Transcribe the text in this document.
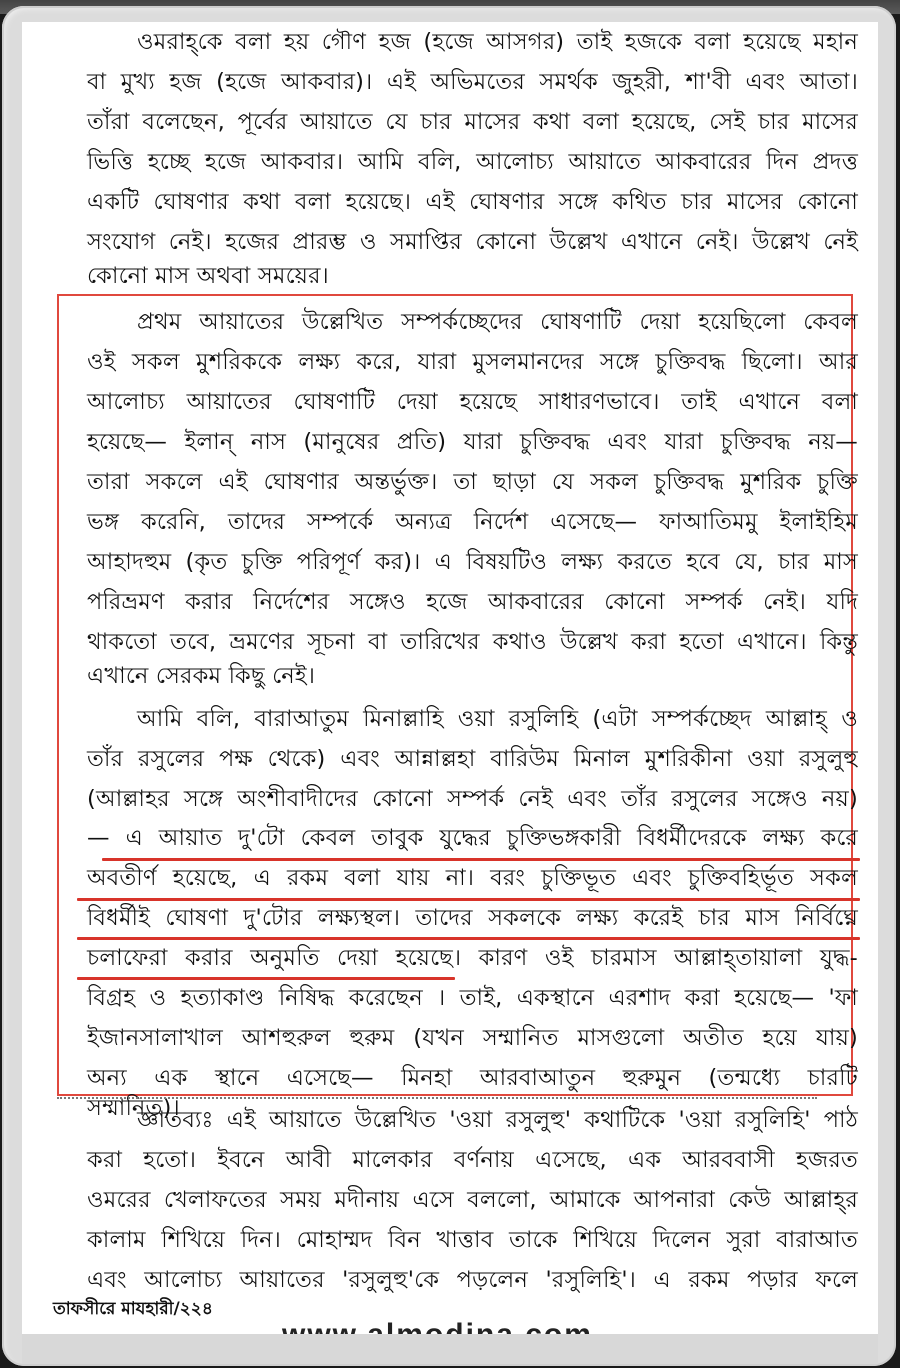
ওমরাহ্‌কে বলা হয় গৌণ হজ (হজে আসগর) তাই হজকে বলা হয়েছে মহান
বা মুখ্য হজ (হজে আকবার)। এই অভিমতের সমর্থক জুহরী, শা'বী এবং আতা।
তাঁরা বলেছেন, পূর্বের আয়াতে যে চার মাসের কথা বলা হয়েছে, সেই চার মাসের
ভিত্তি হচ্ছে হজে আকবার। আমি বলি, আলোচ্য আয়াতে আকবারের দিন প্রদত্ত
একটি ঘোষণার কথা বলা হয়েছে। এই ঘোষণার সঙ্গে কথিত চার মাসের কোনো
সংযোগ নেই। হজের প্রারম্ভ ও সমাপ্তির কোনো উল্লেখ এখানে নেই। উল্লেখ নেই
কোনো মাস অথবা সময়ের।
প্রথম আয়াতের উল্লেখিত সম্পর্কচ্ছেদের ঘোষণাটি দেয়া হয়েছিলো কেবল
ওই সকল মুশরিককে লক্ষ্য করে, যারা মুসলমানদের সঙ্গে চুক্তিবদ্ধ ছিলো। আর
আলোচ্য আয়াতের ঘোষণাটি দেয়া হয়েছে সাধারণভাবে। তাই এখানে বলা
হয়েছে— ইলান্ নাস (মানুষের প্রতি) যারা চুক্তিবদ্ধ এবং যারা চুক্তিবদ্ধ নয়—
তারা সকলে এই ঘোষণার অন্তর্ভুক্ত। তা ছাড়া যে সকল চুক্তিবদ্ধ মুশরিক চুক্তি
ভঙ্গ করেনি, তাদের সম্পর্কে অন্যত্র নির্দেশ এসেছে— ফাআতিমমু ইলাইহিম
আহাদহুম (কৃত চুক্তি পরিপূর্ণ কর)। এ বিষয়টিও লক্ষ্য করতে হবে যে, চার মাস
পরিভ্রমণ করার নির্দেশের সঙ্গেও হজে আকবারের কোনো সম্পর্ক নেই। যদি
থাকতো তবে, ভ্রমণের সূচনা বা তারিখের কথাও উল্লেখ করা হতো এখানে। কিন্তু
এখানে সেরকম কিছু নেই।
আমি বলি, বারাআতুম মিনাল্লাহি ওয়া রসুলিহি (এটা সম্পর্কচ্ছেদ আল্লাহ্ ও
তাঁর রসুলের পক্ষ থেকে) এবং আন্নাল্লহা বারিউম মিনাল মুশরিকীনা ওয়া রসুলুহু
(আল্লাহর সঙ্গে অংশীবাদীদের কোনো সম্পর্ক নেই এবং তাঁর রসুলের সঙ্গেও নয়)
— এ আয়াত দু'টো কেবল তাবুক যুদ্ধের চুক্তিভঙ্গকারী বিধর্মীদেরকে লক্ষ্য করে
অবতীর্ণ হয়েছে, এ রকম বলা যায় না। বরং চুক্তিভূত এবং চুক্তিবহির্ভূত সকল
বিধর্মীই ঘোষণা দু'টোর লক্ষ্যস্থল। তাদের সকলকে লক্ষ্য করেই চার মাস নির্বিঘ্নে
চলাফেরা করার অনুমতি দেয়া হয়েছে। কারণ ওই চারমাস আল্লাহ্‌তায়ালা যুদ্ধ-
বিগ্রহ ও হত্যাকাণ্ড নিষিদ্ধ করেছেন । তাই, একস্থানে এরশাদ করা হয়েছে— 'ফা
ইজানসালাখাল আশহুরুল হুরুম (যখন সম্মানিত মাসগুলো অতীত হয়ে যায়)
অন্য এক স্থানে এসেছে— মিনহা আরবাআতুন হুরুমুন (তন্মধ্যে চারটি
সম্মানিত)।
জ্ঞাতব্যঃ এই আয়াতে উল্লেখিত 'ওয়া রসুলুহু' কথাটিকে 'ওয়া রসুলিহি' পাঠ
করা হতো। ইবনে আবী মালেকার বর্ণনায় এসেছে, এক আরববাসী হজরত
ওমরের খেলাফতের সময় মদীনায় এসে বললো, আমাকে আপনারা কেউ আল্লাহ্‌র
কালাম শিখিয়ে দিন। মোহাম্মদ বিন খাত্তাব তাকে শিখিয়ে দিলেন সুরা বারাআত
এবং আলোচ্য আয়াতের 'রসুলুহু'কে পড়লেন 'রসুলিহি'। এ রকম পড়ার ফলে
তাফসীরে মাযহারী/২২৪
